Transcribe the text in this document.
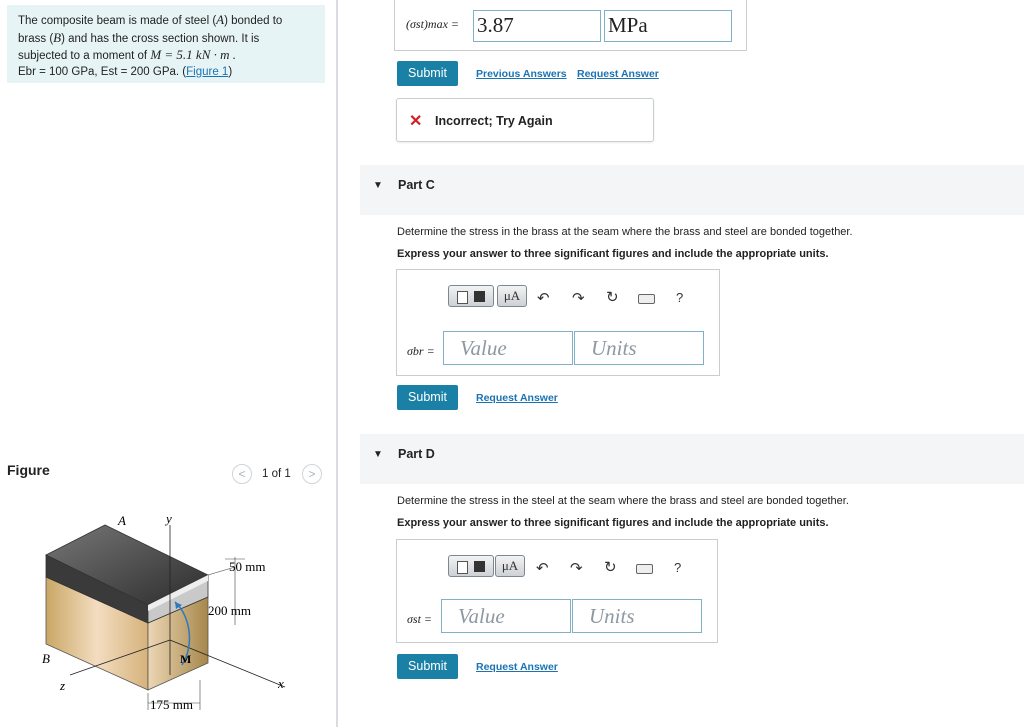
The composite beam is made of steel (A) bonded to
brass (B) and has the cross section shown. It is
subjected to a moment of M = 5.1 kN · m .
Ebr = 100 GPa, Est = 200 GPa. (Figure 1)
Figure	<	1 of 1	>
A	y
50 mm
200 mm
B	M
z	x
175 mm
(σst)max = 3.87	MPa
Submit	Previous Answers Request Answer
✕ Incorrect; Try Again
▼ Part C
Determine the stress in the brass at the seam where the brass and steel are bonded together.
Express your answer to three significant figures and include the appropriate units.
μA	↶ ↷ ↻	?
σbr = Value	Units
Submit	Request Answer
▼ Part D
Determine the stress in the steel at the seam where the brass and steel are bonded together.
Express your answer to three significant figures and include the appropriate units.
μA	↶ ↷ ↻	?
σst = Value	Units
Submit	Request Answer
